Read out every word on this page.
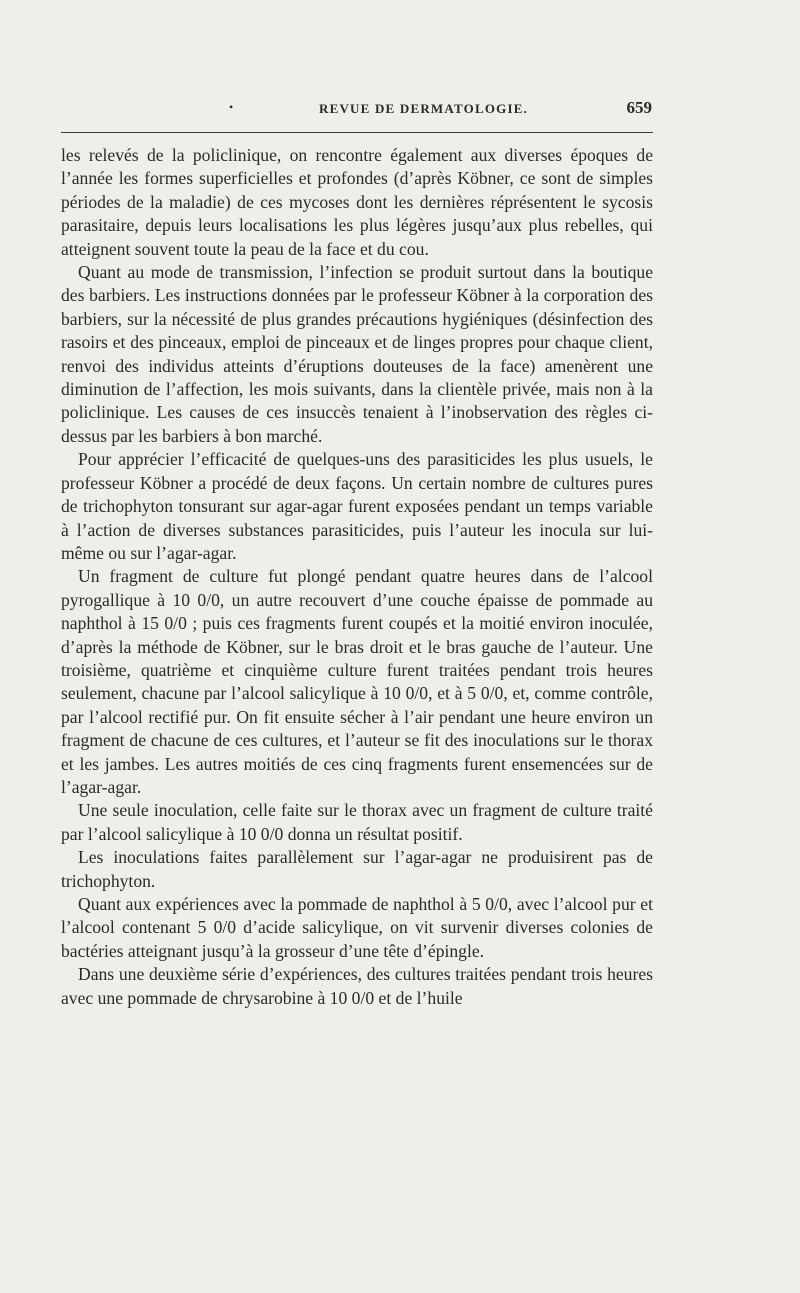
•	REVUE DE DERMATOLOGIE.	659

les relevés de la policlinique, on rencontre également aux diverses époques de l’année les formes superficielles et profondes (d’après Köbner, ce sont de simples périodes de la maladie) de ces mycoses dont les dernières réprésentent le sycosis parasitaire, depuis leurs localisations les plus légères jusqu’aux plus rebelles, qui atteignent souvent toute la peau de la face et du cou.

Quant au mode de transmission, l’infection se produit surtout dans la boutique des barbiers. Les instructions données par le professeur Köbner à la corporation des barbiers, sur la nécessité de plus grandes précautions hygiéniques (désinfection des rasoirs et des pinceaux, emploi de pinceaux et de linges propres pour chaque client, renvoi des individus atteints d’éruptions douteuses de la face) amenèrent une diminution de l’affection, les mois suivants, dans la clientèle privée, mais non à la policlinique. Les causes de ces insuccès tenaient à l’inobservation des règles ci-dessus par les barbiers à bon marché.

Pour apprécier l’efficacité de quelques-uns des parasiticides les plus usuels, le professeur Köbner a procédé de deux façons. Un certain nombre de cultures pures de trichophyton tonsurant sur agar-agar furent exposées pendant un temps variable à l’action de diverses substances parasiticides, puis l’auteur les inocula sur lui-même ou sur l’agar-agar.

Un fragment de culture fut plongé pendant quatre heures dans de l’alcool pyrogallique à 10 0/0, un autre recouvert d’une couche épaisse de pommade au naphthol à 15 0/0 ; puis ces fragments furent coupés et la moitié environ inoculée, d’après la méthode de Köbner, sur le bras droit et le bras gauche de l’auteur. Une troisième, quatrième et cinquième culture furent traitées pendant trois heures seulement, chacune par l’alcool salicylique à 10 0/0, et à 5 0/0, et, comme contrôle, par l’alcool rectifié pur. On fit ensuite sécher à l’air pendant une heure environ un fragment de chacune de ces cultures, et l’auteur se fit des inoculations sur le thorax et les jambes. Les autres moitiés de ces cinq fragments furent ensemencées sur de l’agar-agar.

Une seule inoculation, celle faite sur le thorax avec un fragment de culture traité par l’alcool salicylique à 10 0/0 donna un résultat positif.

Les inoculations faites parallèlement sur l’agar-agar ne produisirent pas de trichophyton.

Quant aux expériences avec la pommade de naphthol à 5 0/0, avec l’alcool pur et l’alcool contenant 5 0/0 d’acide salicylique, on vit survenir diverses colonies de bactéries atteignant jusqu’à la grosseur d’une tête d’épingle.

Dans une deuxième série d’expériences, des cultures traitées pendant trois heures avec une pommade de chrysarobine à 10 0/0 et de l’huile
